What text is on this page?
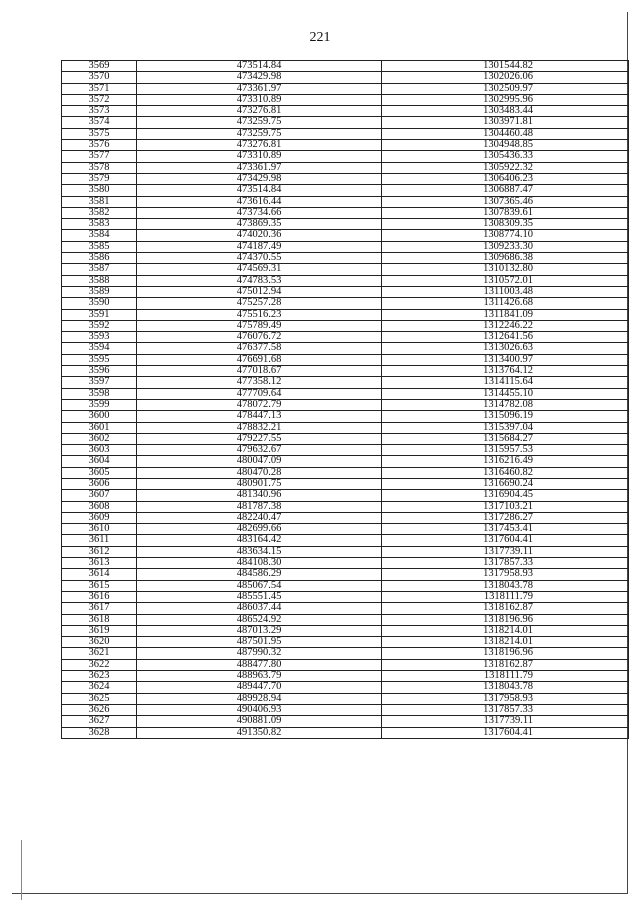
221
3569	473514.84	1301544.82
3570	473429.98	1302026.06
3571	473361.97	1302509.97
3572	473310.89	1302995.96
3573	473276.81	1303483.44
3574	473259.75	1303971.81
3575	473259.75	1304460.48
3576	473276.81	1304948.85
3577	473310.89	1305436.33
3578	473361.97	1305922.32
3579	473429.98	1306406.23
3580	473514.84	1306887.47
3581	473616.44	1307365.46
3582	473734.66	1307839.61
3583	473869.35	1308309.35
3584	474020.36	1308774.10
3585	474187.49	1309233.30
3586	474370.55	1309686.38
3587	474569.31	1310132.80
3588	474783.53	1310572.01
3589	475012.94	1311003.48
3590	475257.28	1311426.68
3591	475516.23	1311841.09
3592	475789.49	1312246.22
3593	476076.72	1312641.56
3594	476377.58	1313026.63
3595	476691.68	1313400.97
3596	477018.67	1313764.12
3597	477358.12	1314115.64
3598	477709.64	1314455.10
3599	478072.79	1314782.08
3600	478447.13	1315096.19
3601	478832.21	1315397.04
3602	479227.55	1315684.27
3603	479632.67	1315957.53
3604	480047.09	1316216.49
3605	480470.28	1316460.82
3606	480901.75	1316690.24
3607	481340.96	1316904.45
3608	481787.38	1317103.21
3609	482240.47	1317286.27
3610	482699.66	1317453.41
3611	483164.42	1317604.41
3612	483634.15	1317739.11
3613	484108.30	1317857.33
3614	484586.29	1317958.93
3615	485067.54	1318043.78
3616	485551.45	1318111.79
3617	486037.44	1318162.87
3618	486524.92	1318196.96
3619	487013.29	1318214.01
3620	487501.95	1318214.01
3621	487990.32	1318196.96
3622	488477.80	1318162.87
3623	488963.79	1318111.79
3624	489447.70	1318043.78
3625	489928.94	1317958.93
3626	490406.93	1317857.33
3627	490881.09	1317739.11
3628	491350.82	1317604.41
